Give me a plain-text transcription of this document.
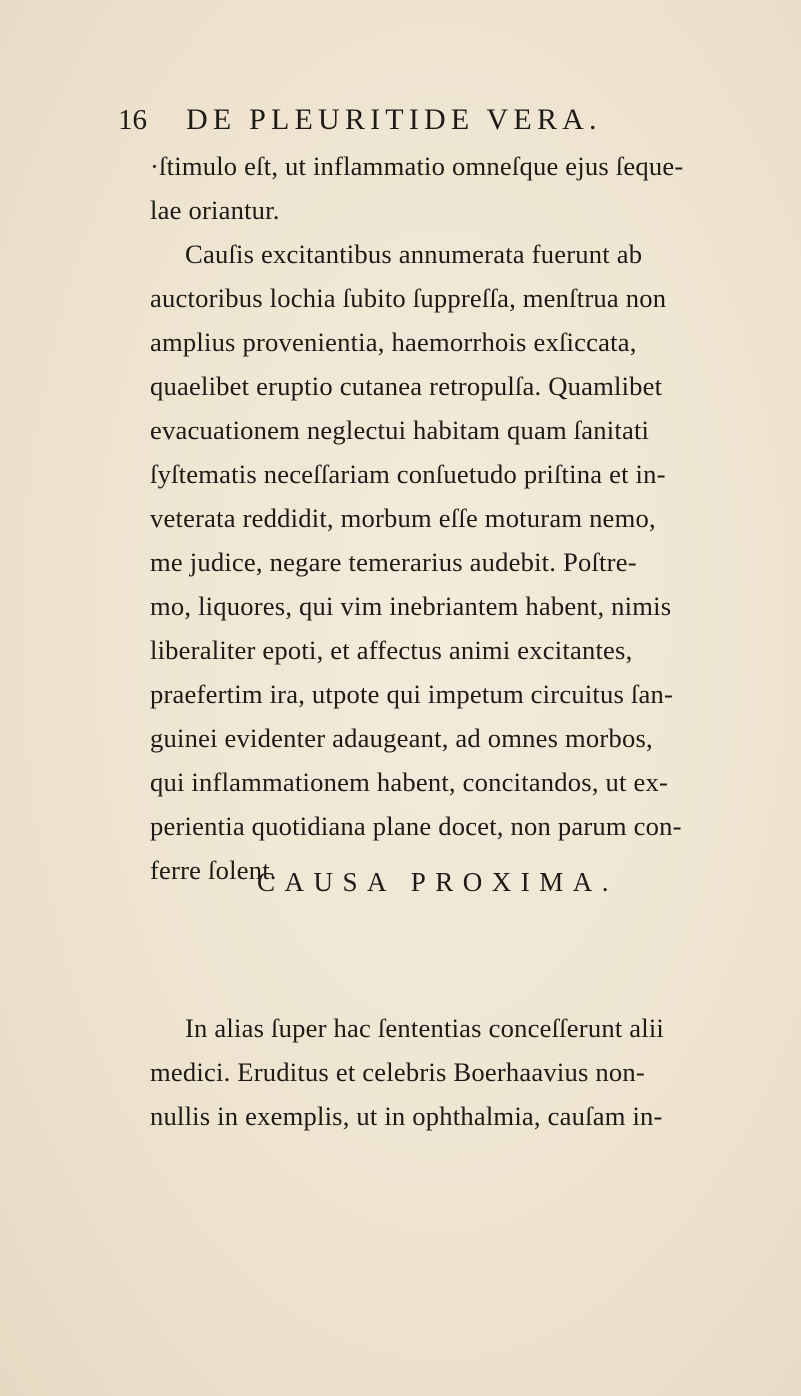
16 DE PLEURITIDE VERA.
·ſtimulo eſt, ut inflammatio omneſque ejus ſeque-
lae oriantur.
Cauſis excitantibus annumerata fuerunt ab
auctoribus lochia ſubito ſuppreſſa, menſtrua non
amplius provenientia, haemorrhois exſiccata,
quaelibet eruptio cutanea retropulſa. Quamlibet
evacuationem neglectui habitam quam ſanitati
ſyſtematis neceſſariam conſuetudo priſtina et in-
veterata reddidit, morbum eſſe moturam nemo,
me judice, negare temerarius audebit. Poſtre-
mo, liquores, qui vim inebriantem habent, nimis
liberaliter epoti, et affectus animi excitantes,
praefertim ira, utpote qui impetum circuitus ſan-
guinei evidenter adaugeant, ad omnes morbos,
qui inflammationem habent, concitandos, ut ex-
perientia quotidiana plane docet, non parum con-
ferre ſolent.
CAUSA PROXIMA.
In alias ſuper hac ſententias conceſſerunt alii
medici. Eruditus et celebris Boerhaavius non-
nullis in exemplis, ut in ophthalmia, cauſam in-
